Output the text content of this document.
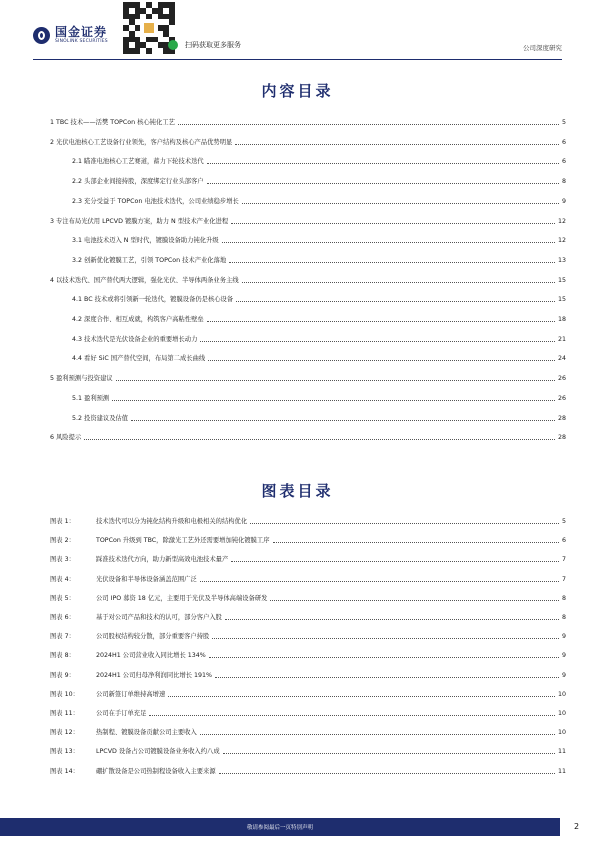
国金证券
SINOLINK SECURITIES	扫码获取更多服务	公司深度研究
内容目录
1 TBC 技术——活樊 TOPCon 核心钝化工艺	5
2 光伏电池核心工艺设备行业领先，客户结构及核心产品优势明显	6
2.1 瞄准电池核心工艺赛道，蓄力下轮技术迭代	6
2.2 头部企业间接持股，深度绑定行业头部客户	8
2.3 充分受益于 TOPCon 电池技术迭代，公司业绩稳步增长	9
3 专注布局光伏用 LPCVD 镀膜方案，助力 N 型技术产业化进程	12
3.1 电池技术迈入 N 型时代，镀膜设备助力钝化升级	12
3.2 创新优化镀膜工艺，引领 TOPCon 技术产业化落地	13
4 以技术迭代、国产替代两大逻辑，强化光伏、半导体两条业务主线	15
4.1 BC 技术或将引领新一轮迭代，镀膜设备仍是核心设备	15
4.2 深度合作、相互成就，构筑客户高粘性壁垒	18
4.3 技术迭代是光伏设备企业的重要增长动力	21
4.4 看好 SiC 国产替代空间，布局第二成长曲线	24
5 盈利预测与投资建议	26
5.1 盈利预测	26
5.2 投资建议及估值	28
6 风险提示	28
图表目录
图表 1：	技术迭代可以分为钝化结构升级和电极相关的结构优化	5
图表 2：	TOPCon 升级到 TBC，除激光工艺外还需要增加钝化镀膜工序	6
图表 3：	踩准技术迭代方向，助力新型高效电池技术量产	7
图表 4：	光伏设备和半导体设备涵盖范围广泛	7
图表 5：	公司 IPO 募资 18 亿元，主要用于光伏及半导体高端设备研发	8
图表 6：	基于对公司产品和技术的认可，部分客户入股	8
图表 7：	公司股权结构较分散，部分重要客户持股	9
图表 8：	2024H1 公司营业收入同比增长 134%	9
图表 9：	2024H1 公司归母净利润同比增长 191%	9
图表 10：	公司新签订单维持高增速	10
图表 11：	公司在手订单充足	10
图表 12：	热制程、镀膜设备贡献公司主要收入	10
图表 13：	LPCVD 设备占公司镀膜设备业务收入约八成	11
图表 14：	硼扩散设备是公司热制程设备收入主要来源	11
敬请参阅最后一页特别声明	2
